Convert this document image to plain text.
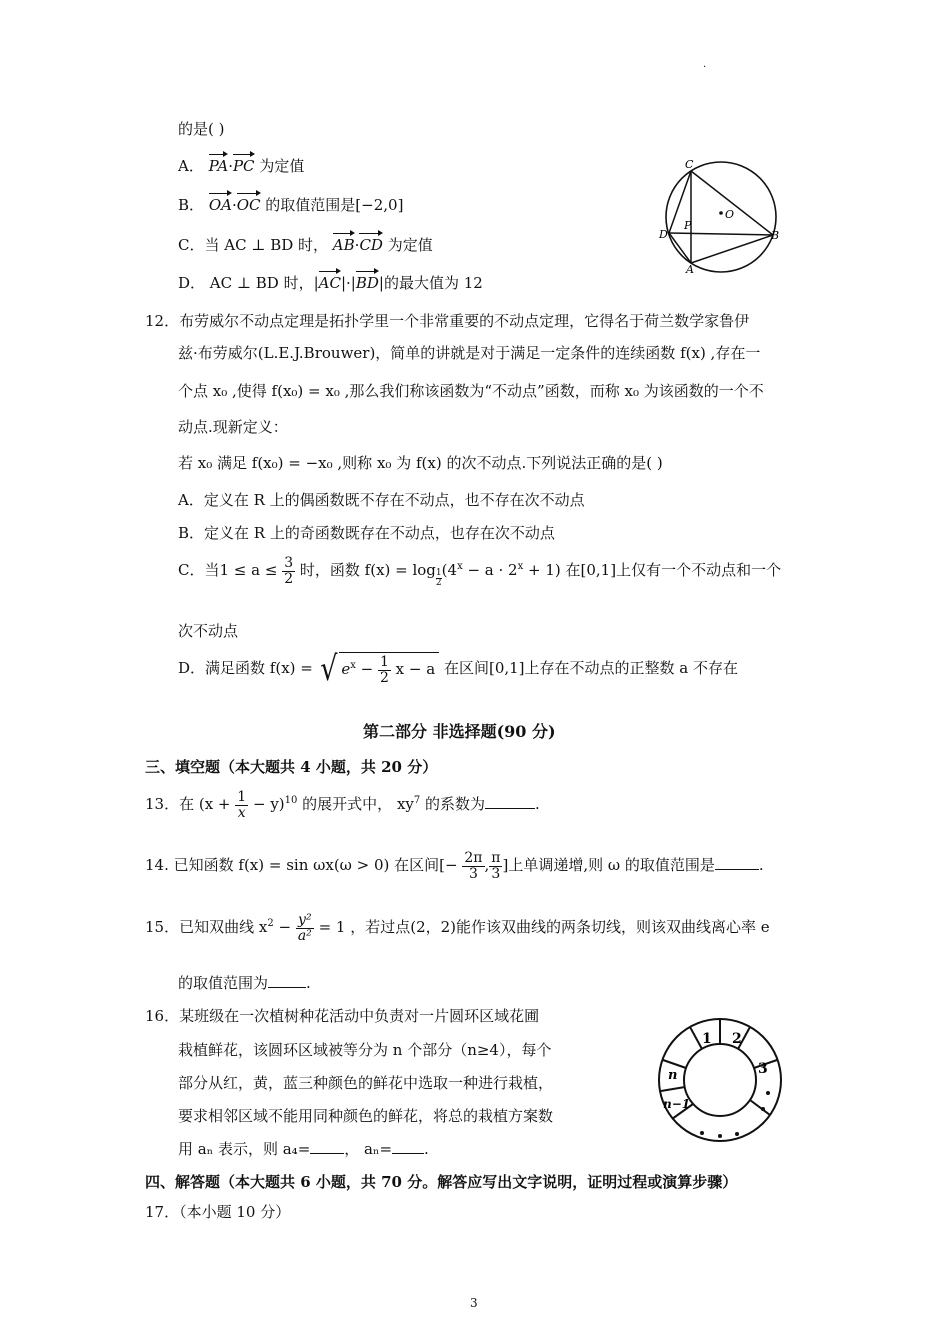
·
的是( )
A． PA·PC 为定值
B． OA·OC 的取值范围是[−2,0]
C．当 AC ⊥ BD 时， AB·CD 为定值
D． AC ⊥ BD 时，|AC|·|BD|的最大值为 12
C
P
O
D	B
A
12．布劳威尔不动点定理是拓扑学里一个非常重要的不动点定理，它得名于荷兰数学家鲁伊
兹·布劳威尔(L.E.J.Brouwer)，简单的讲就是对于满足一定条件的连续函数 f(x) ,存在一
个点 x₀ ,使得 f(x₀) = x₀ ,那么我们称该函数为“不动点”函数，而称 x₀ 为该函数的一个不
动点.现新定义：
若 x₀ 满足 f(x₀) = −x₀ ,则称 x₀ 为 f(x) 的次不动点.下列说法正确的是( )
A．定义在 R 上的偶函数既不存在不动点，也不存在次不动点
B．定义在 R 上的奇函数既存在不动点，也存在次不动点
C．当$1 \le a \le \frac{3}{2}$ 时，函数 $f(x) = \log \frac{1}{2} (4^x - a \cdot 2^x + 1)$ 在[0,1]上仅有一个不动点和一个
次不动点
D．满足函数 f(x) = √ $e^x - \frac{1}{2}$ x − a 在区间[0,1]上存在不动点的正整数 a 不存在
第二部分 非选择题(90 分)
三、填空题（本大题共 4 小题，共 20 分）
13．在 $(x + \frac{1}{x} - y)^{10}$ 的展开式中， $xy^7$ 的系数为	.
14. 已知函数 f(x) = sin ωx(ω > 0) 在区间[− $\frac{2\pi}{3}$ , $\frac{\pi}{3}$ ]上单调递增,则 ω 的取值范围是	.
15．已知双曲线 $x^2 - \frac{\text{y²}}{\text{a²}} = 1$ ，若过点(2，2)能作该双曲线的两条切线，则该双曲线离心率 e
的取值范围为	.
16．某班级在一次植树种花活动中负责对一片圆环区域花圃
栽植鲜花，该圆环区域被等分为 n 个部分（n≥4），每个
部分从红，黄，蓝三种颜色的鲜花中选取一种进行栽植，
要求相邻区域不能用同种颜色的鲜花，将总的栽植方案数
用 aₙ 表示，则 a₄= ， aₙ= .
1 2
3
n
n−1
四、解答题（本大题共 6 小题，共 70 分。解答应写出文字说明，证明过程或演算步骤）
17．（本小题 10 分）
3
